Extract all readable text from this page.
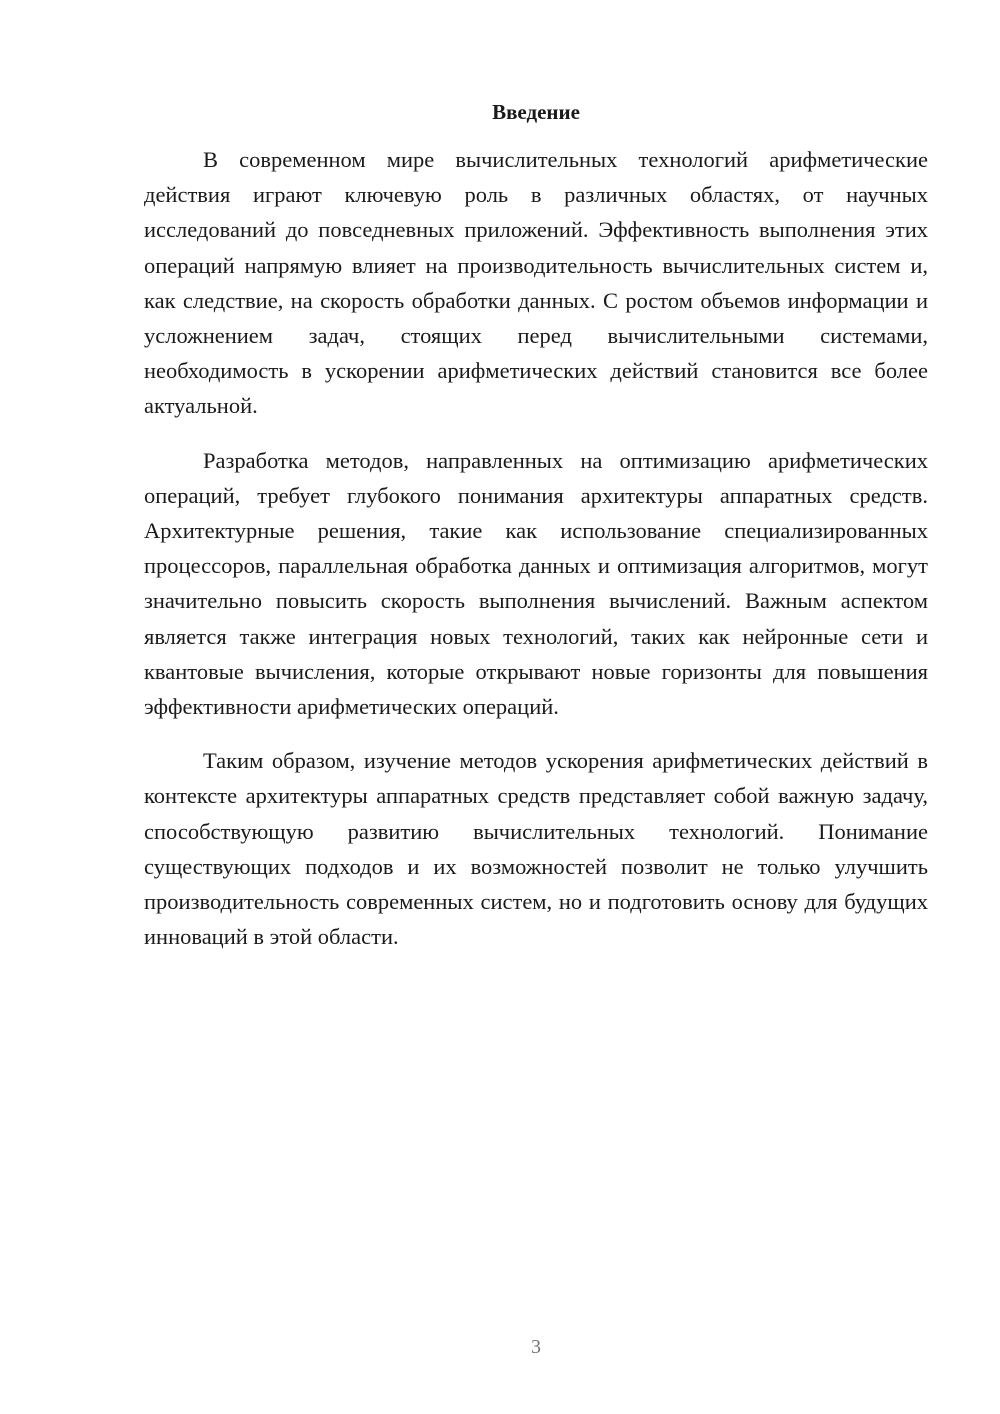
Введение

В современном мире вычислительных технологий арифметические действия играют ключевую роль в различных областях, от научных исследований до повседневных приложений. Эффективность выполнения этих операций напрямую влияет на производительность вычислительных систем и, как следствие, на скорость обработки данных. С ростом объемов информации и усложнением задач, стоящих перед вычислительными системами, необходимость в ускорении арифметических действий становится все более актуальной.

Разработка методов, направленных на оптимизацию арифметических операций, требует глубокого понимания архитектуры аппаратных средств. Архитектурные решения, такие как использование специализированных процессоров, параллельная обработка данных и оптимизация алгоритмов, могут значительно повысить скорость выполнения вычислений. Важным аспектом является также интеграция новых технологий, таких как нейронные сети и квантовые вычисления, которые открывают новые горизонты для повышения эффективности арифметических операций.

Таким образом, изучение методов ускорения арифметических действий в контексте архитектуры аппаратных средств представляет собой важную задачу, способствующую развитию вычислительных технологий. Понимание существующих подходов и их возможностей позволит не только улучшить производительность современных систем, но и подготовить основу для будущих инноваций в этой области.

3
